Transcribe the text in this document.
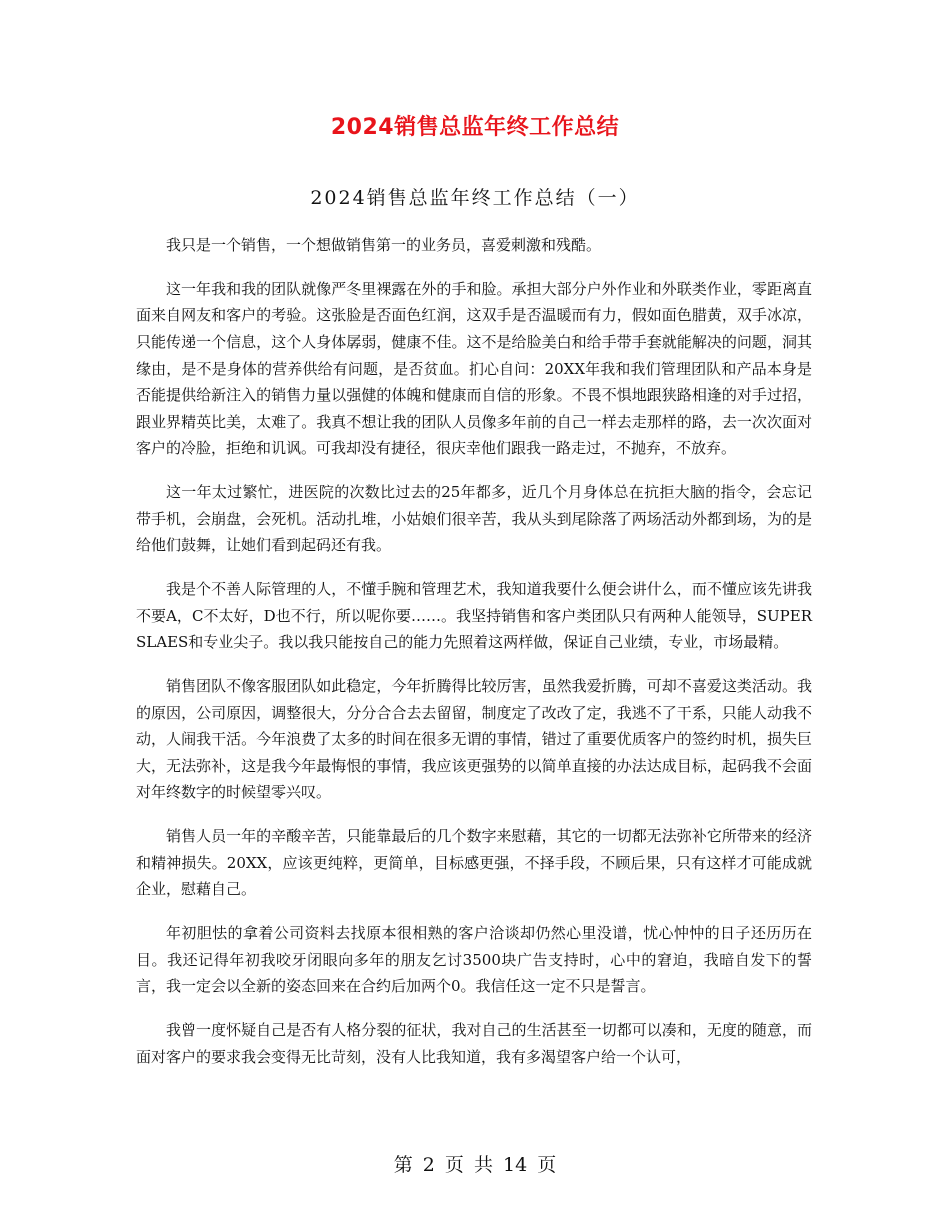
2024销售总监年终工作总结
2024销售总监年终工作总结（一）

我只是一个销售，一个想做销售第一的业务员，喜爱刺激和残酷。

这一年我和我的团队就像严冬里裸露在外的手和脸。承担大部分户外作业和外联类作业，零距离直面来自网友和客户的考验。这张脸是否面色红润，这双手是否温暖而有力，假如面色腊黄，双手冰凉，只能传递一个信息，这个人身体孱弱，健康不佳。这不是给脸美白和给手带手套就能解决的问题，洞其缘由，是不是身体的营养供给有问题，是否贫血。扪心自问：20XX年我和我们管理团队和产品本身是否能提供给新注入的销售力量以强健的体魄和健康而自信的形象。不畏不惧地跟狭路相逢的对手过招，跟业界精英比美，太难了。我真不想让我的团队人员像多年前的自己一样去走那样的路，去一次次面对客户的冷脸，拒绝和讥讽。可我却没有捷径，很庆幸他们跟我一路走过，不抛弃，不放弃。

这一年太过繁忙，进医院的次数比过去的25年都多，近几个月身体总在抗拒大脑的指令，会忘记带手机，会崩盘，会死机。活动扎堆，小姑娘们很辛苦，我从头到尾除落了两场活动外都到场，为的是给他们鼓舞，让她们看到起码还有我。

我是个不善人际管理的人，不懂手腕和管理艺术，我知道我要什么便会讲什么，而不懂应该先讲我不要A，C不太好，D也不行，所以呢你要……。我坚持销售和客户类团队只有两种人能领导，SUPERSLAES和专业尖子。我以我只能按自己的能力先照着这两样做，保证自己业绩，专业，市场最精。

销售团队不像客服团队如此稳定，今年折腾得比较厉害，虽然我爱折腾，可却不喜爱这类活动。我的原因，公司原因，调整很大，分分合合去去留留，制度定了改改了定，我逃不了干系，只能人动我不动，人闹我干活。今年浪费了太多的时间在很多无谓的事情，错过了重要优质客户的签约时机，损失巨大，无法弥补，这是我今年最悔恨的事情，我应该更强势的以简单直接的办法达成目标，起码我不会面对年终数字的时候望零兴叹。

销售人员一年的辛酸辛苦，只能靠最后的几个数字来慰藉，其它的一切都无法弥补它所带来的经济和精神损失。20XX，应该更纯粹，更简单，目标感更强，不择手段，不顾后果，只有这样才可能成就企业，慰藉自己。

年初胆怯的拿着公司资料去找原本很相熟的客户洽谈却仍然心里没谱，忧心忡忡的日子还历历在目。我还记得年初我咬牙闭眼向多年的朋友乞讨3500块广告支持时，心中的窘迫，我暗自发下的誓言，我一定会以全新的姿态回来在合约后加两个0。我信任这一定不只是誓言。

我曾一度怀疑自己是否有人格分裂的征状，我对自己的生活甚至一切都可以凑和，无度的随意，而面对客户的要求我会变得无比苛刻，没有人比我知道，我有多渴望客户给一个认可，

第 2 页 共 14 页
